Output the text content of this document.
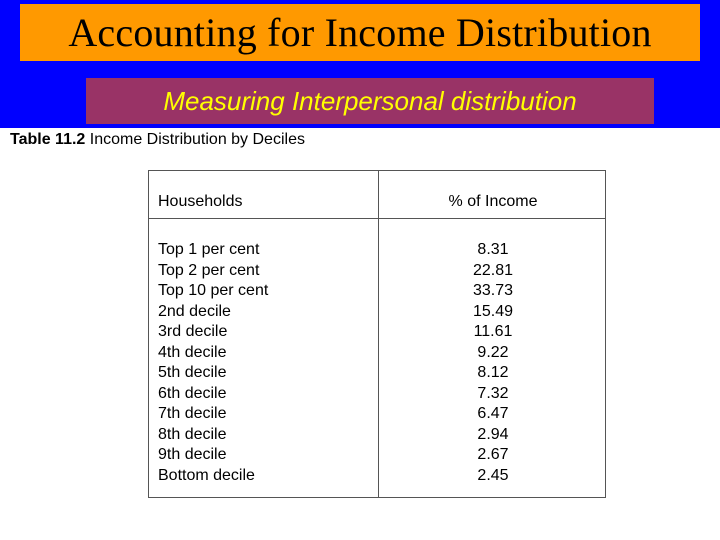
Accounting for Income Distribution
Measuring Interpersonal distribution
Table 11.2 Income Distribution by Deciles
Households	% of Income
Top 1 per cent	8.31
Top 2 per cent	22.81
Top 10 per cent	33.73
2nd decile	15.49
3rd decile	11.61
4th decile	9.22
5th decile	8.12
6th decile	7.32
7th decile	6.47
8th decile	2.94
9th decile	2.67
Bottom decile	2.45
